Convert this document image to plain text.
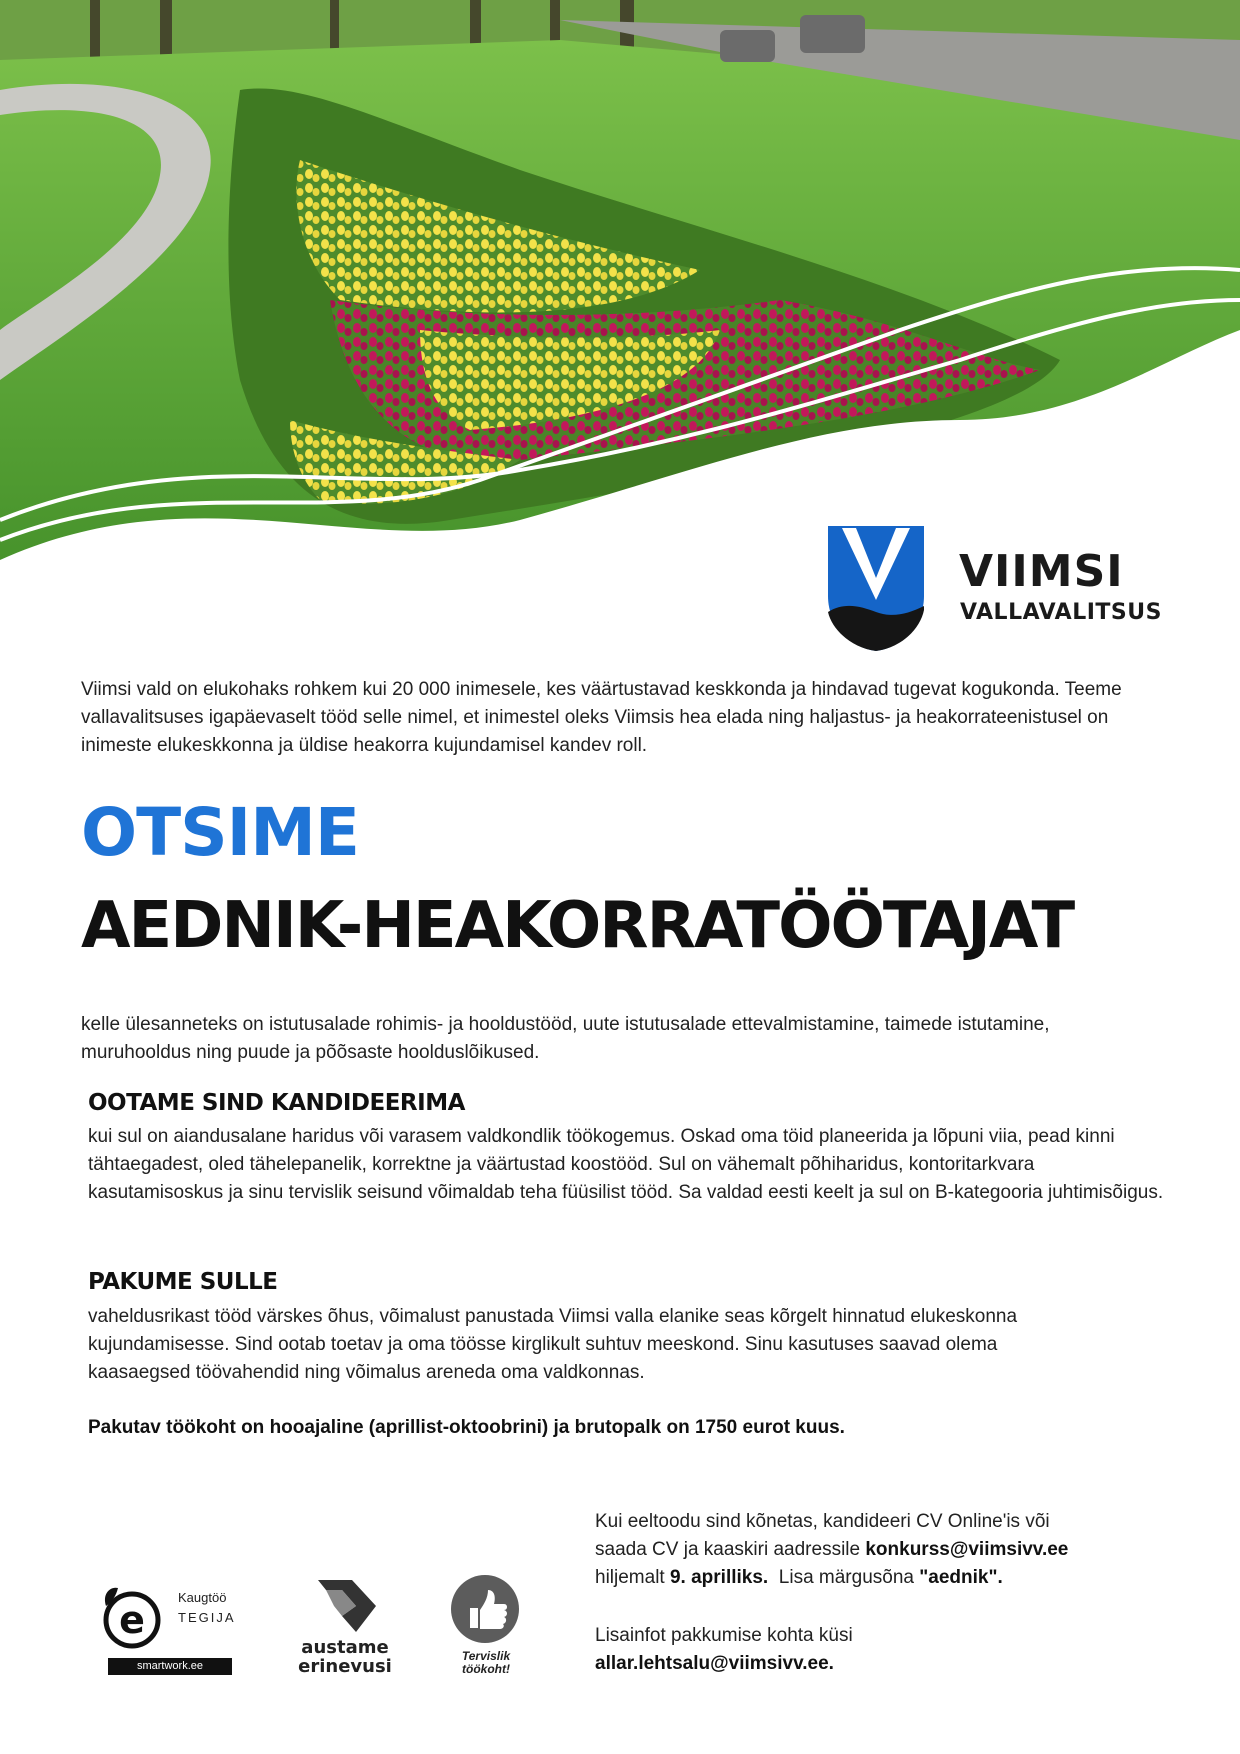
VIIMSI
VALLAVALITSUS
Viimsi vald on elukohaks rohkem kui 20 000 inimesele, kes väärtustavad keskkonda ja hindavad tugevat kogukonda. Teeme vallavalitsuses igapäevaselt tööd selle nimel, et inimestel oleks Viimsis hea elada ning haljastus- ja heakorrateenistusel on inimeste elukeskkonna ja üldise heakorra kujundamisel kandev roll.
OTSIME
AEDNIK-HEAKORRATÖÖTAJAT
kelle ülesanneteks on istutusalade rohimis- ja hooldustööd, uute istutusalade ettevalmistamine, taimede istutamine, muruhooldus ning puude ja põõsaste hoolduslõikused.
OOTAME SIND KANDIDEERIMA
kui sul on aiandusalane haridus või varasem valdkondlik töökogemus. Oskad oma töid planeerida ja lõpuni viia, pead kinni tähtaegadest, oled tähelepanelik, korrektne ja väärtustad koostööd. Sul on vähemalt põhiharidus, kontoritarkvara kasutamisoskus ja sinu tervislik seisund võimaldab teha füüsilist tööd. Sa valdad eesti keelt ja sul on B-kategooria juhtimisõigus.
PAKUME SULLE
vaheldusrikast tööd värskes õhus, võimalust panustada Viimsi valla elanike seas kõrgelt hinnatud elukeskonna kujundamisesse. Sind ootab toetav ja oma töösse kirglikult suhtuv meeskond. Sinu kasutuses saavad olema kaasaegsed töövahendid ning võimalus areneda oma valdkonnas.
Pakutav töökoht on hooajaline (aprillist-oktoobrini) ja brutopalk on 1750 eurot kuus.
Kui eeltoodu sind kõnetas, kandideeri CV Online'is või
saada CV ja kaaskiri aadressile konkurss@viimsivv.ee
hiljemalt 9. aprilliks.  Lisa märgusõna "aednik".
Lisainfot pakkumise kohta küsi
allar.lehtsalu@viimsivv.ee.
e
Kaugtöö
TEGIJA
smartwork.ee
austame
erinevusi	Tervislik
töökoht!
